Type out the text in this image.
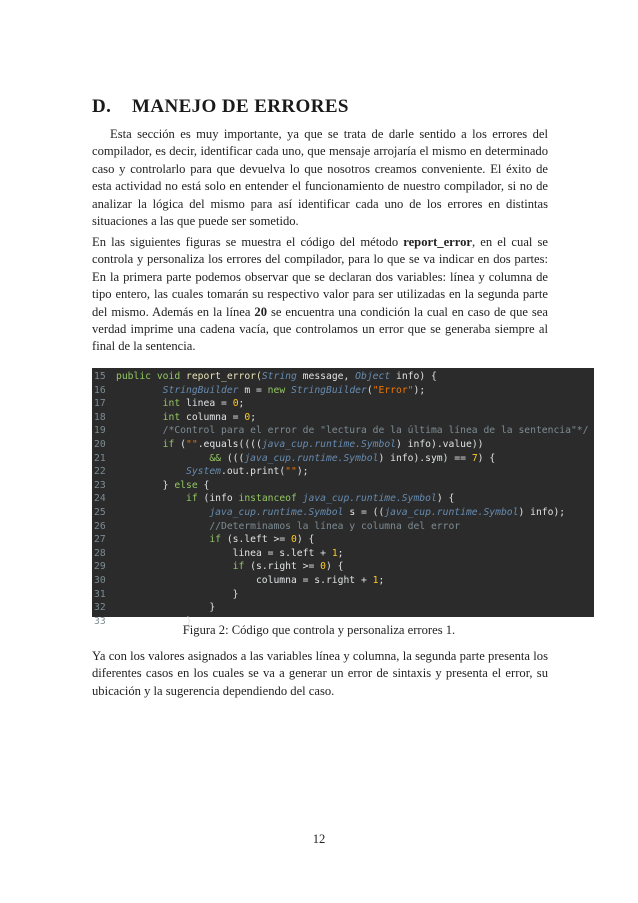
D. MANEJO DE ERRORES

Esta sección es muy importante, ya que se trata de darle sentido a los errores del compilador, es decir, identificar cada uno, que mensaje arrojaría el mismo en determinado caso y controlarlo para que devuelva lo que nosotros creamos conveniente. El éxito de esta actividad no está solo en entender el funcionamiento de nuestro compilador, si no de analizar la lógica del mismo para así identificar cada uno de los errores en distintas situaciones a las que puede ser sometido.

En las siguientes figuras se muestra el código del método report_error, en el cual se controla y personaliza los errores del compilador, para lo que se va indicar en dos partes: En la primera parte podemos observar que se declaran dos variables: línea y columna de tipo entero, las cuales tomarán su respectivo valor para ser utilizadas en la segunda parte del mismo. Además en la línea 20 se encuentra una condición la cual en caso de que sea verdad imprime una cadena vacía, que controlamos un error que se generaba siempre al final de la sentencia.

15	public void report_error(String message, Object info) {
16	StringBuilder m = new StringBuilder("Error");
17	int linea = 0;
18	int columna = 0;
19	/*Control para el error de "lectura de la última línea de la sentencia"*/
20	if ("".equals((((java_cup.runtime.Symbol) info).value))
21	&& (((java_cup.runtime.Symbol) info).sym) == 7) {
22	System.out.print("");
23	} else {
24	if (info instanceof java_cup.runtime.Symbol) {
25	java_cup.runtime.Symbol s = ((java_cup.runtime.Symbol) info);
26	//Determinamos la línea y columna del error
27	if (s.left >= 0) {
28	linea = s.left + 1;
29	if (s.right >= 0) {
30	columna = s.right + 1;
31	}
32	}
33	}

Figura 2: Código que controla y personaliza errores 1.

Ya con los valores asignados a las variables línea y columna, la segunda parte presenta los diferentes casos en los cuales se va a generar un error de sintaxis y presenta el error, su ubicación y la sugerencia dependiendo del caso.

12
